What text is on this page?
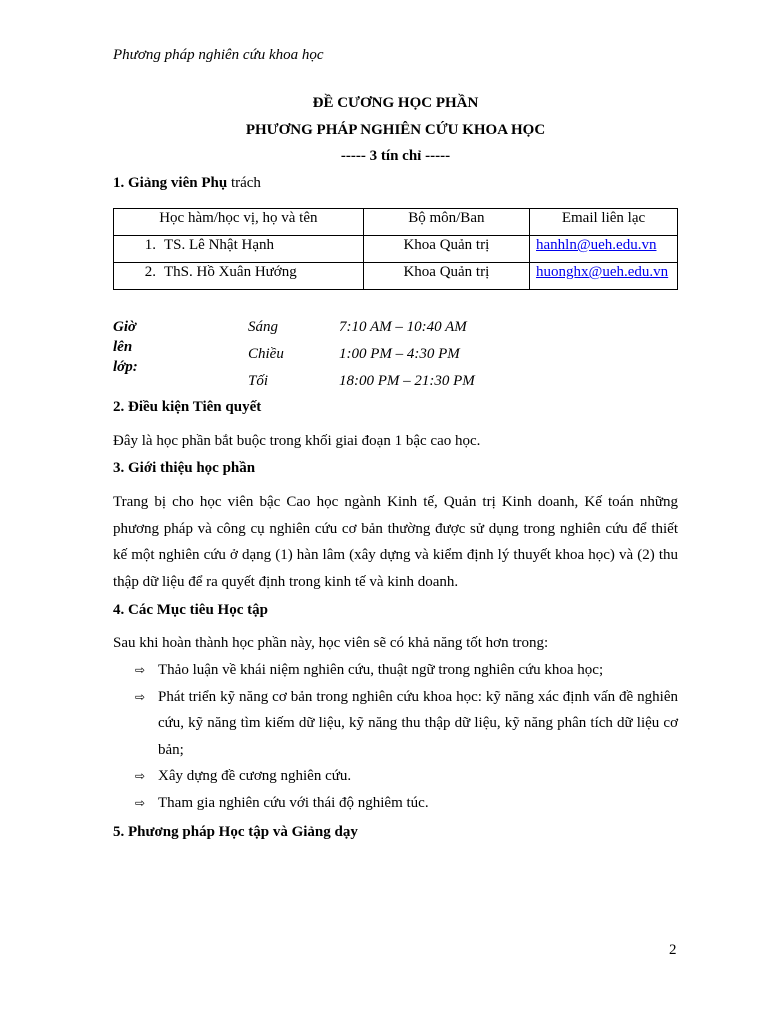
Phương pháp nghiên cứu khoa học
ĐỀ CƯƠNG HỌC PHẦN
PHƯƠNG PHÁP NGHIÊN CỨU KHOA HỌC
----- 3 tín chỉ -----
1. Giảng viên Phụ trách
Học hàm/học vị, họ và tên	Bộ môn/Ban	Email liên lạc
1. TS. Lê Nhật Hạnh	Khoa Quản trị	hanhln@ueh.edu.vn
2. ThS. Hồ Xuân Hướng	Khoa Quản trị	huonghx@ueh.edu.vn
Giờ lên lớp:
Sáng	7:10 AM – 10:40 AM
Chiều	1:00 PM – 4:30 PM
Tối	18:00 PM – 21:30 PM
2. Điều kiện Tiên quyết
Đây là học phần bắt buộc trong khối giai đoạn 1 bậc cao học.
3. Giới thiệu học phần
Trang bị cho học viên bậc Cao học ngành Kinh tế, Quản trị Kinh doanh, Kế toán những phương pháp và công cụ nghiên cứu cơ bản thường được sử dụng trong nghiên cứu để thiết kế một nghiên cứu ở dạng (1) hàn lâm (xây dựng và kiểm định lý thuyết khoa học) và (2) thu thập dữ liệu để ra quyết định trong kinh tế và kinh doanh.
4. Các Mục tiêu Học tập
Sau khi hoàn thành học phần này, học viên sẽ có khả năng tốt hơn trong:
⇨ Thảo luận về khái niệm nghiên cứu, thuật ngữ trong nghiên cứu khoa học;
⇨ Phát triển kỹ năng cơ bản trong nghiên cứu khoa học: kỹ năng xác định vấn đề nghiên cứu, kỹ năng tìm kiếm dữ liệu, kỹ năng thu thập dữ liệu, kỹ năng phân tích dữ liệu cơ bản;
⇨ Xây dựng đề cương nghiên cứu.
⇨ Tham gia nghiên cứu với thái độ nghiêm túc.
5. Phương pháp Học tập và Giảng dạy
2
